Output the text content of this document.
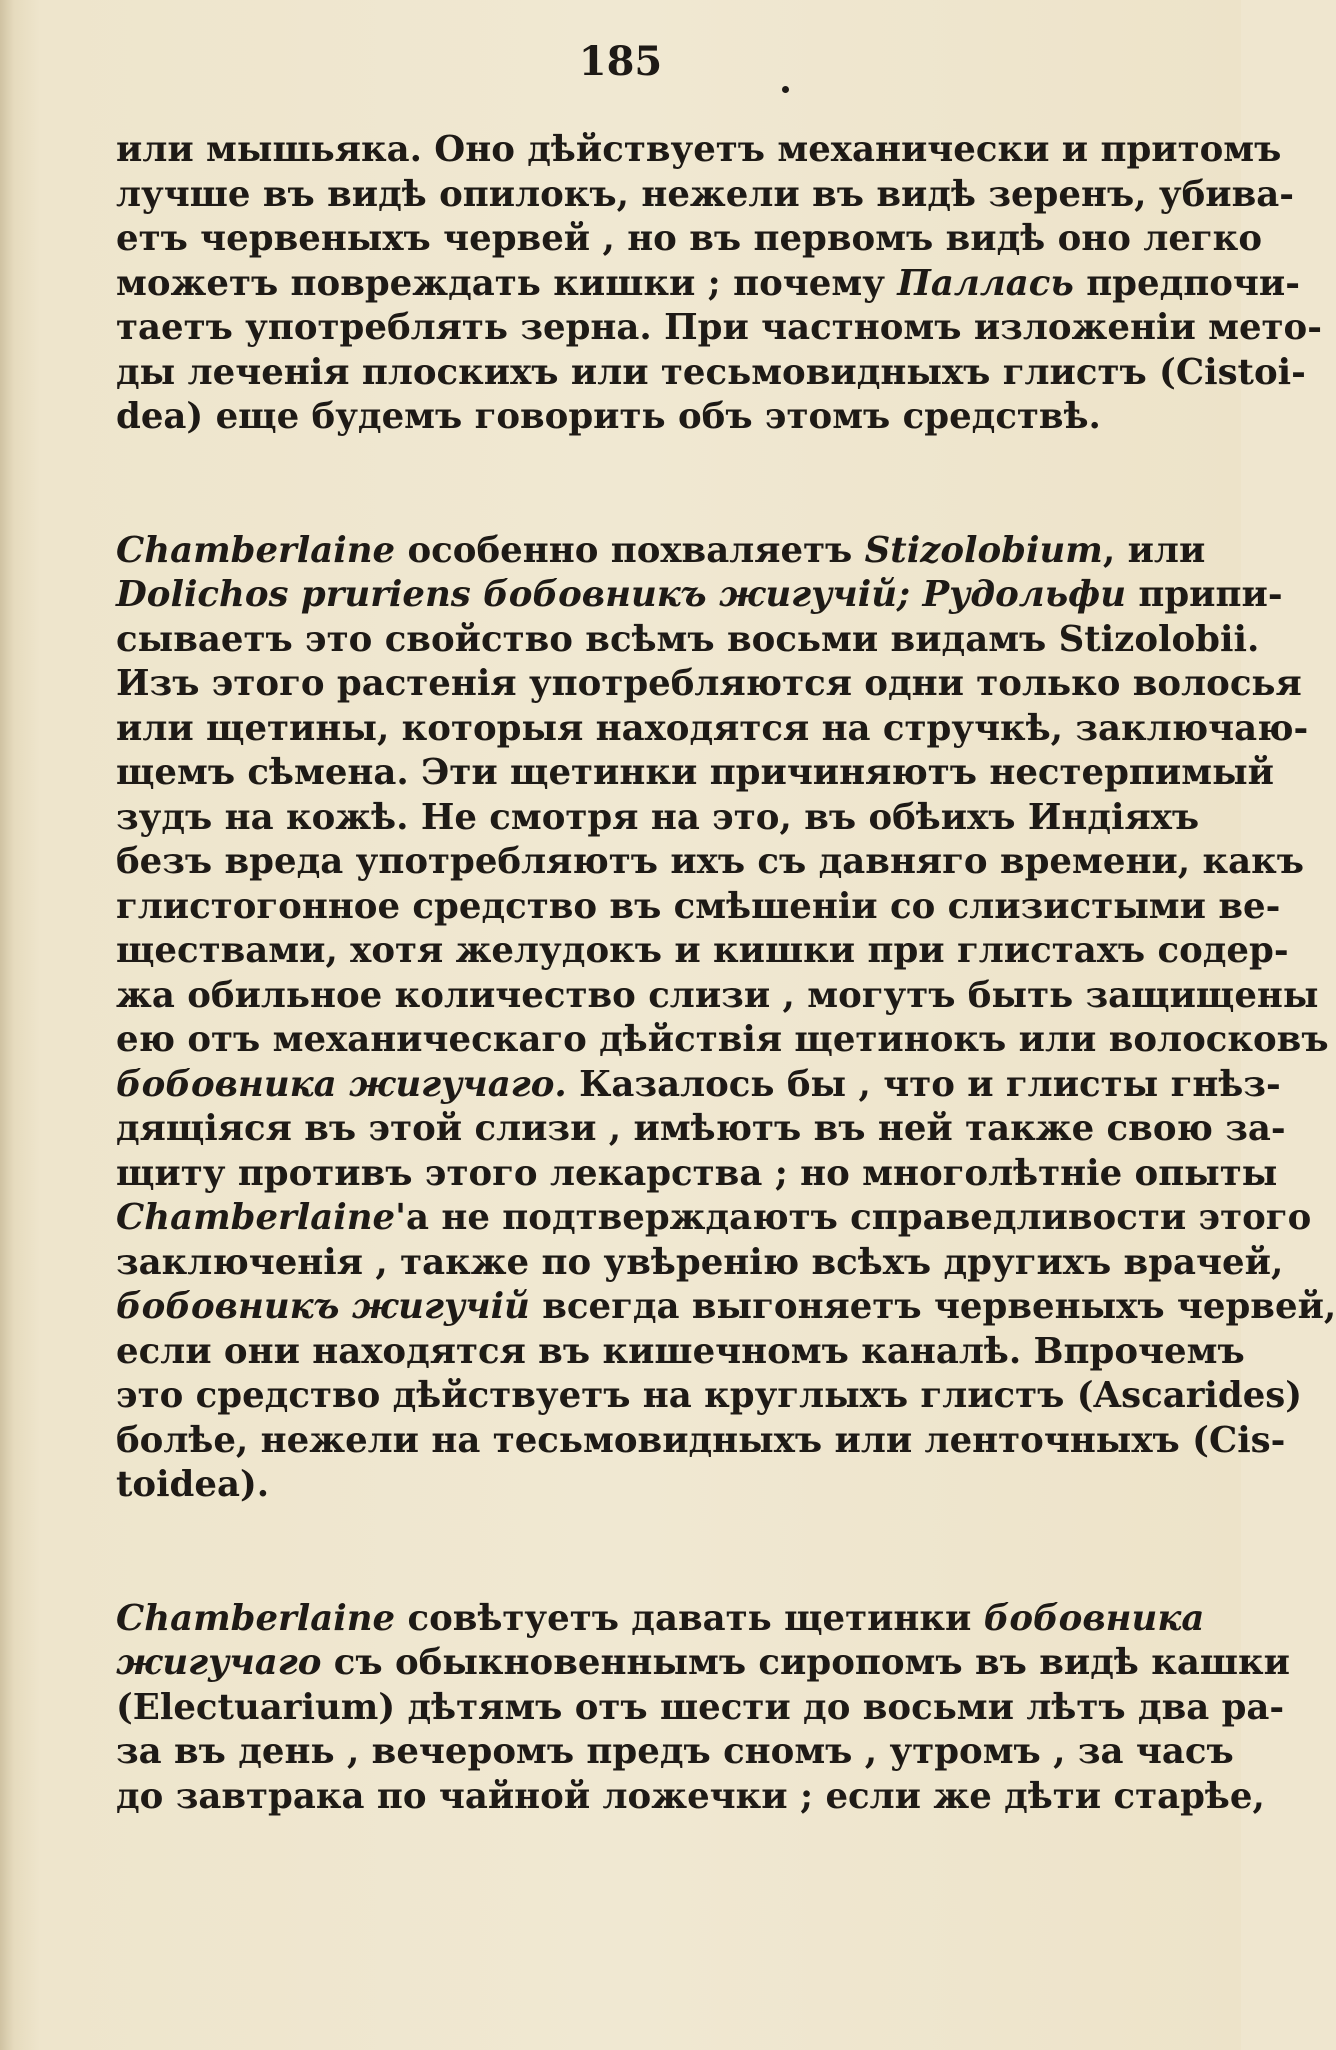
185
или мышьяка. Оно дѣйствуетъ механически и притомъ
лучше въ видѣ опилокъ, нежели въ видѣ зеренъ, убива-
етъ червеныхъ червей , но въ первомъ видѣ оно легко
можетъ повреждать кишки ; почему Паллась предпочи-
таетъ употреблять зерна. При частномъ изложеніи мето-
ды леченія плоскихъ или тесьмовидныхъ глистъ (Cistoi-
dea) еще будемъ говорить объ этомъ средствѣ.
Chamberlaine особенно похваляетъ Stizolobium, или
Dolichos pruriens бобовникъ жигучій; Рудольфи припи-
сываетъ это свойство всѣмъ восьми видамъ Stizolobii.
Изъ этого растенія употребляются одни только волосья
или щетины, которыя находятся на стручкѣ, заключаю-
щемъ сѣмена. Эти щетинки причиняютъ нестерпимый
зудъ на кожѣ. Не смотря на это, въ обѣихъ Индіяхъ
безъ вреда употребляютъ ихъ съ давняго времени, какъ
глистогонное средство въ смѣшеніи со слизистыми ве-
ществами, хотя желудокъ и кишки при глистахъ содер-
жа обильное количество слизи , могутъ быть защищены
ею отъ механическаго дѣйствія щетинокъ или волосковъ
бобовника жигучаго. Казалось бы , что и глисты гнѣз-
дящіяся въ этой слизи , имѣютъ въ ней также свою за-
щиту противъ этого лекарства ; но многолѣтніе опыты
Chamberlaine'а не подтверждаютъ справедливости этого
заключенія , также по увѣренію всѣхъ другихъ врачей,
бобовникъ жигучій всегда выгоняетъ червеныхъ червей,
если они находятся въ кишечномъ каналѣ. Впрочемъ
это средство дѣйствуетъ на круглыхъ глистъ (Ascarides)
болѣе, нежели на тесьмовидныхъ или ленточныхъ (Cis-
toidea).
Chamberlaine совѣтуетъ давать щетинки бобовника
жигучаго съ обыкновеннымъ сиропомъ въ видѣ кашки
(Electuarium) дѣтямъ отъ шести до восьми лѣтъ два ра-
за въ день , вечеромъ предъ сномъ , утромъ , за часъ
до завтрака по чайной ложечки ; если же дѣти старѣе,
